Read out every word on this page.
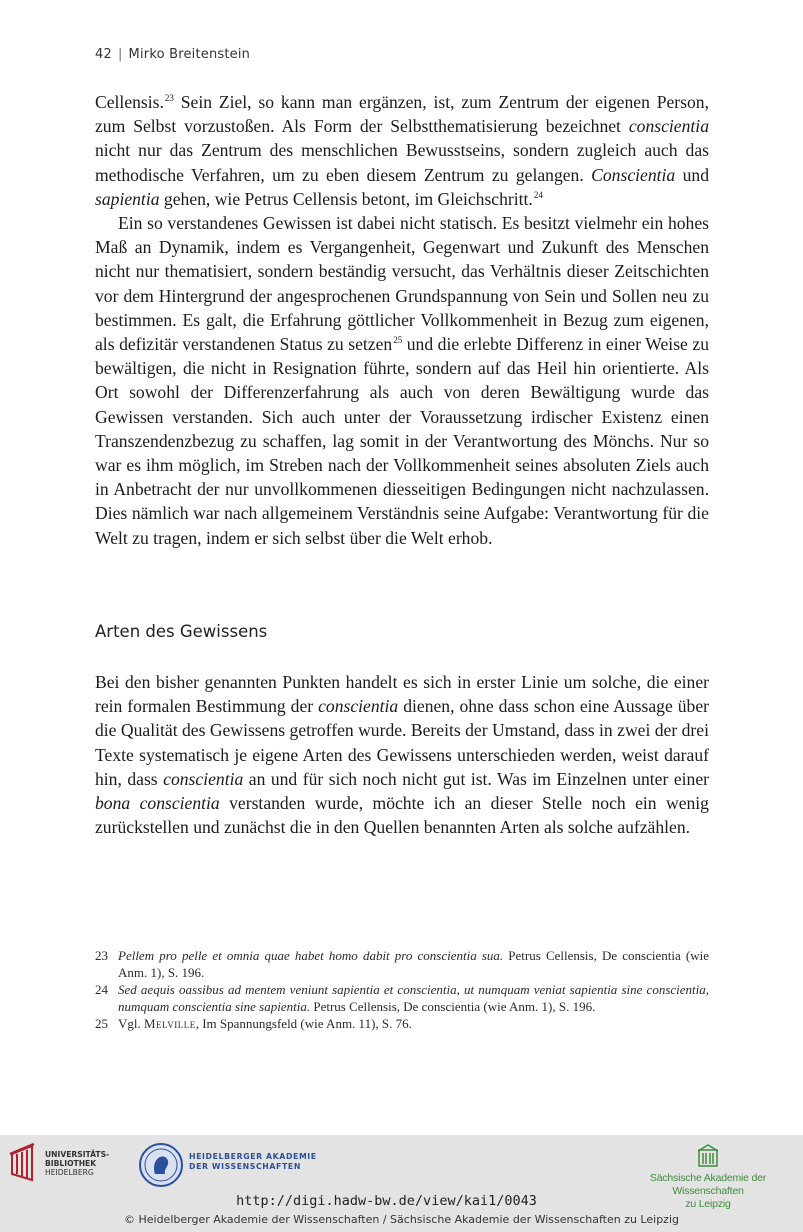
42 | Mirko Breitenstein

Cellensis.$^{23}$ Sein Ziel, so kann man ergänzen, ist, zum Zentrum der eigenen Person, zum Selbst vorzustoßen. Als Form der Selbstthematisierung bezeichnet conscientia nicht nur das Zentrum des menschlichen Bewusstseins, sondern zugleich auch das methodische Verfahren, um zu eben diesem Zentrum zu gelangen. Conscientia und sapientia gehen, wie Petrus Cellensis betont, im Gleichschritt.$^{24}$

Ein so verstandenes Gewissen ist dabei nicht statisch. Es besitzt vielmehr ein hohes Maß an Dynamik, indem es Vergangenheit, Gegenwart und Zukunft des Menschen nicht nur thematisiert, sondern beständig versucht, das Verhältnis dieser Zeitschichten vor dem Hintergrund der angesprochenen Grundspannung von Sein und Sollen neu zu bestimmen. Es galt, die Erfahrung göttlicher Vollkommenheit in Bezug zum eigenen, als defizitär verstandenen Status zu setzen$^{25}$ und die erlebte Differenz in einer Weise zu bewältigen, die nicht in Resignation führte, sondern auf das Heil hin orientierte. Als Ort sowohl der Differenzerfahrung als auch von deren Bewältigung wurde das Gewissen verstanden. Sich auch unter der Voraussetzung irdischer Existenz einen Transzendenzbezug zu schaffen, lag somit in der Verantwortung des Mönchs. Nur so war es ihm möglich, im Streben nach der Vollkommenheit seines absoluten Ziels auch in Anbetracht der nur unvollkommenen diesseitigen Bedingungen nicht nachzulassen. Dies nämlich war nach allgemeinem Verständnis seine Aufgabe: Verantwortung für die Welt zu tragen, indem er sich selbst über die Welt erhob.

Arten des Gewissens

Bei den bisher genannten Punkten handelt es sich in erster Linie um solche, die einer rein formalen Bestimmung der conscientia dienen, ohne dass schon eine Aussage über die Qualität des Gewissens getroffen wurde. Bereits der Umstand, dass in zwei der drei Texte systematisch je eigene Arten des Gewissens unterschieden werden, weist darauf hin, dass conscientia an und für sich noch nicht gut ist. Was im Einzelnen unter einer bona conscientia verstanden wurde, möchte ich an dieser Stelle noch ein wenig zurückstellen und zunächst die in den Quellen benannten Arten als solche aufzählen.

23 Pellem pro pelle et omnia quae habet homo dabit pro conscientia sua. Petrus Cellensis, De conscientia (wie Anm. 1), S. 196.
24 Sed aequis oassibus ad mentem veniunt sapientia et conscientia, ut numquam veniat sapientia sine conscientia, numquam conscientia sine sapientia. Petrus Cellensis, De conscientia (wie Anm. 1), S. 196.
25 Vgl. Melville, Im Spannungsfeld (wie Anm. 11), S. 76.
UNIVERSITÄTS-
BIBLIOTHEK
HEIDELBERG
HEIDELBERGER AKADEMIE
DER WISSENSCHAFTEN
Sächsische Akademie der Wissenschaften
zu Leipzig
http://digi.hadw-bw.de/view/kai1/0043
© Heidelberger Akademie der Wissenschaften / Sächsische Akademie der Wissenschaften zu Leipzig
